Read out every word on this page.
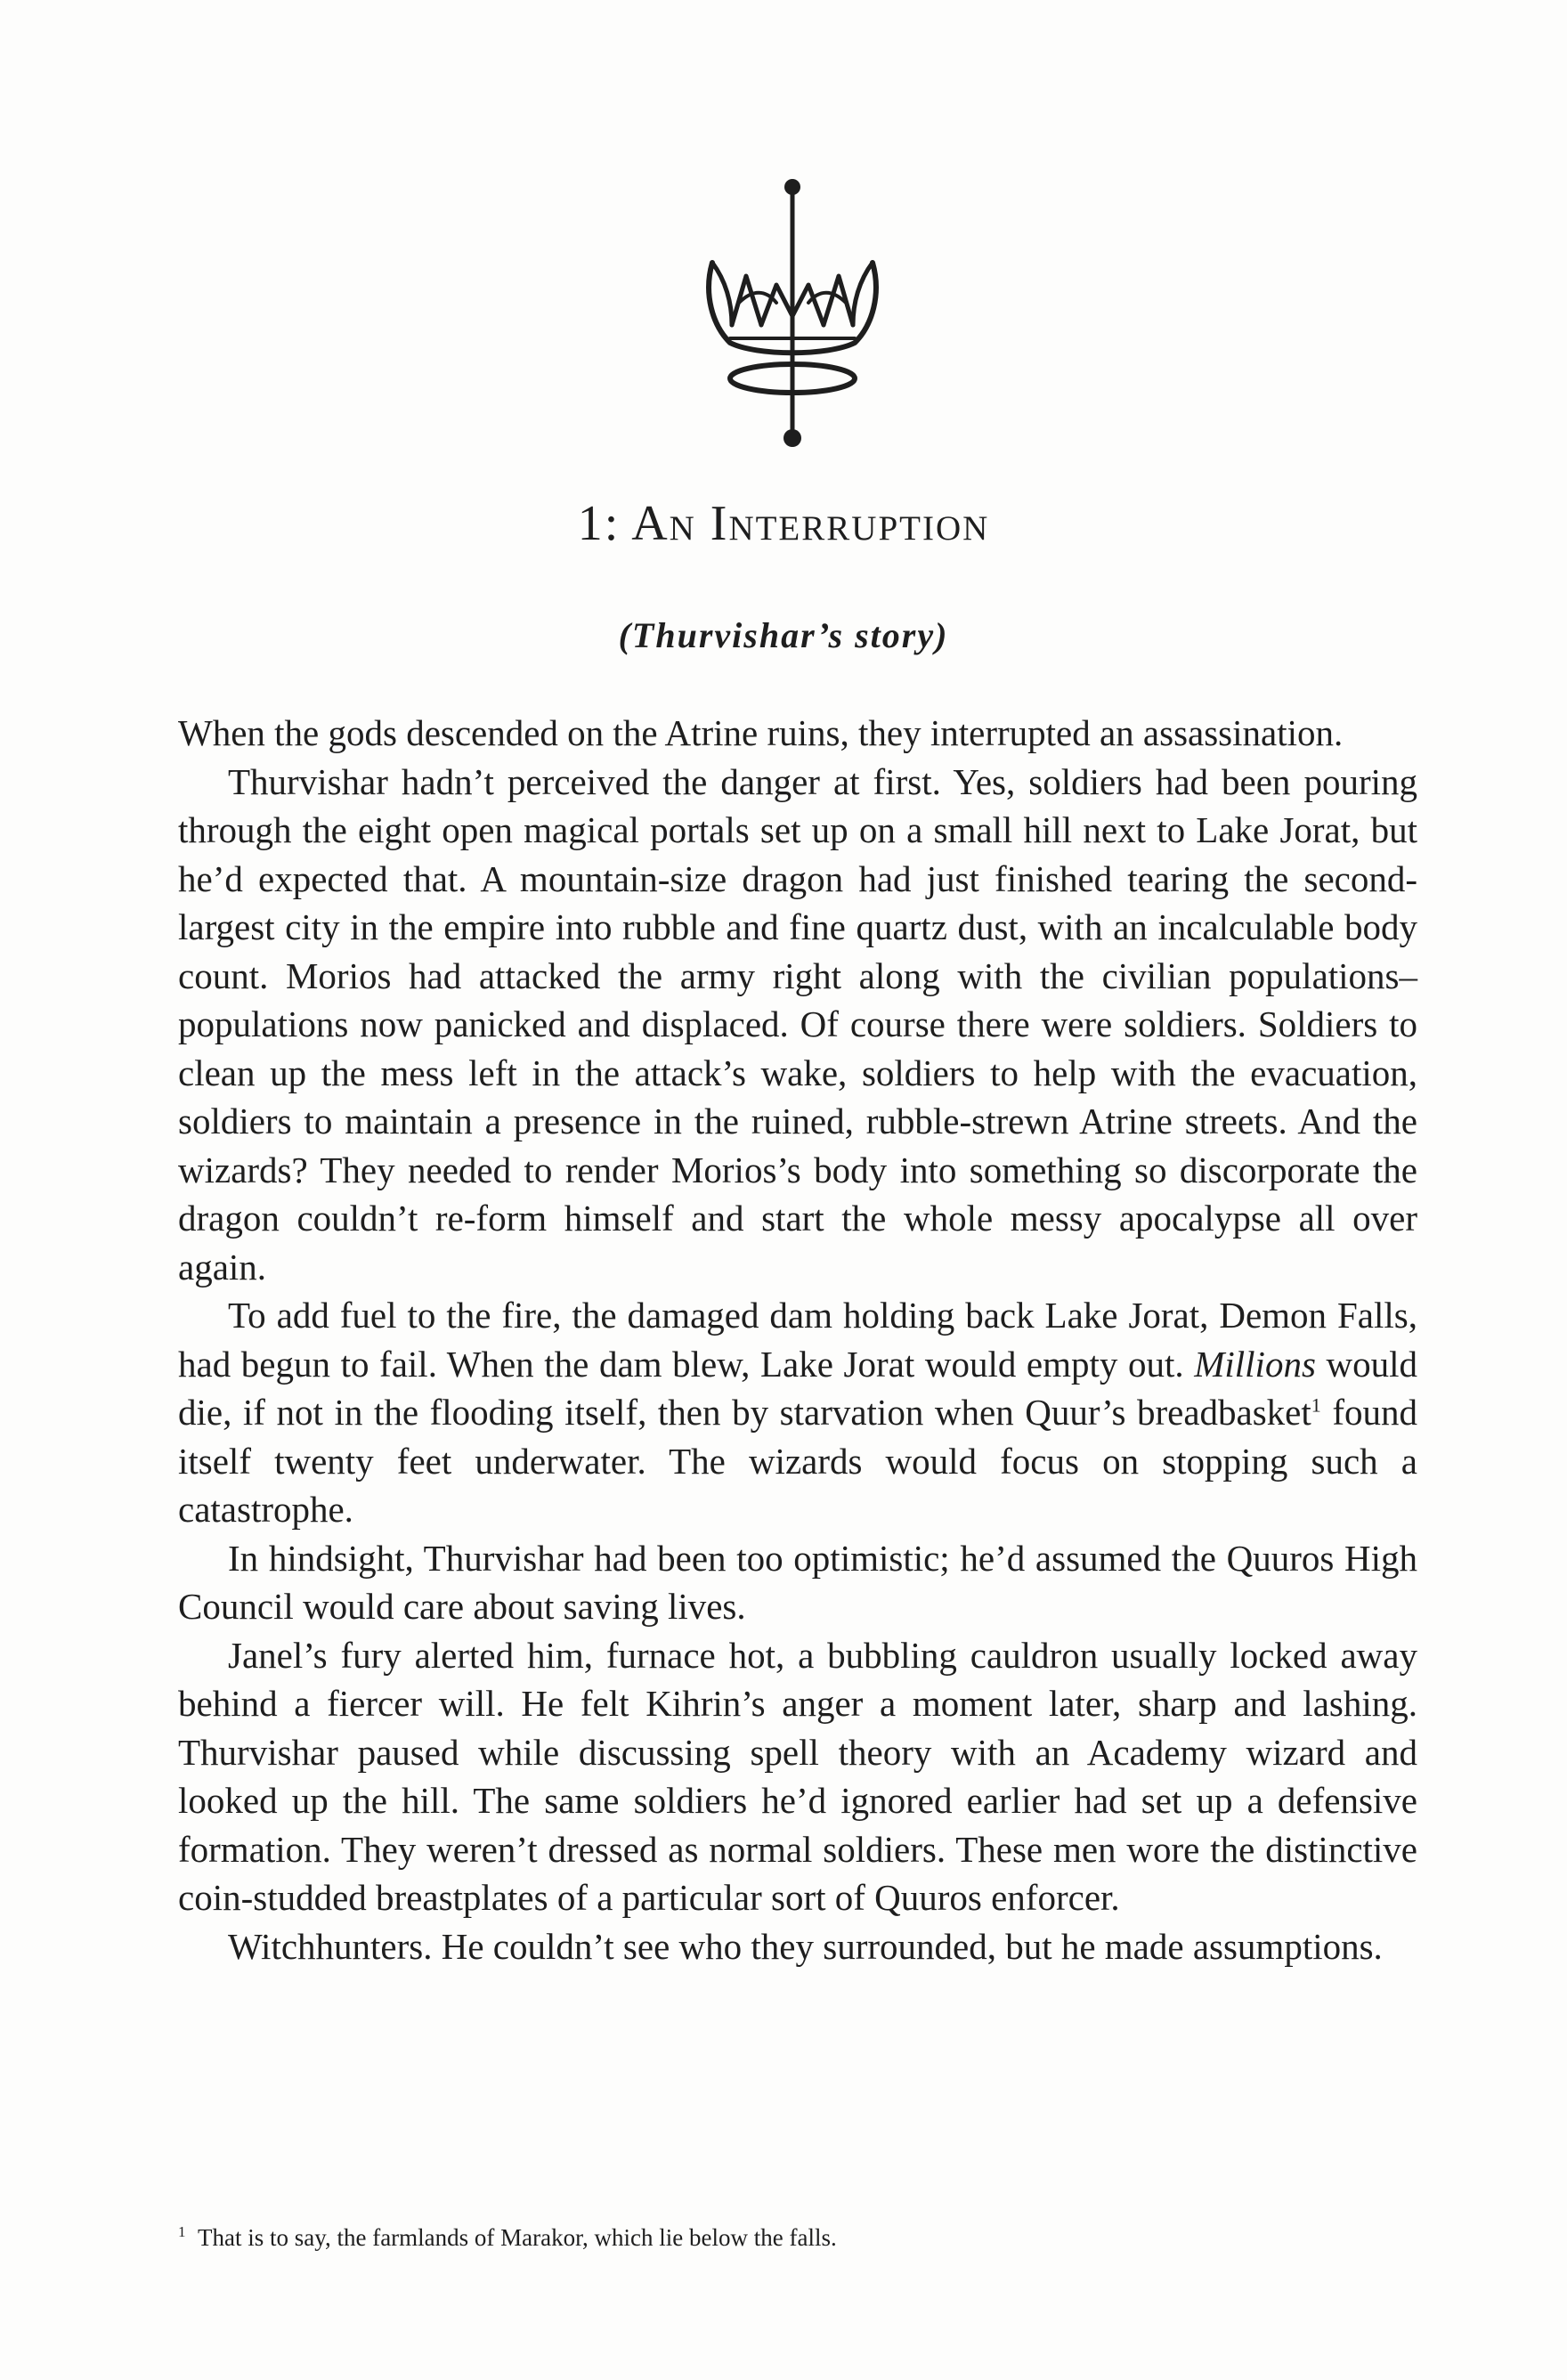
1: An Interruption
(Thurvishar’s story)

When the gods descended on the Atrine ruins, they interrupted an assassination.

Thurvishar hadn’t perceived the danger at first. Yes, soldiers had been pouring through the eight open magical portals set up on a small hill next to Lake Jorat, but he’d expected that. A mountain-size dragon had just finished tearing the second-largest city in the empire into rubble and fine quartz dust, with an incalculable body count. Morios had attacked the army right along with the civilian populations–populations now panicked and displaced. Of course there were soldiers. Soldiers to clean up the mess left in the attack’s wake, soldiers to help with the evacuation, soldiers to maintain a presence in the ruined, rubble-strewn Atrine streets. And the wizards? They needed to render Morios’s body into something so discorporate the dragon couldn’t re-form himself and start the whole messy apocalypse all over again.

To add fuel to the fire, the damaged dam holding back Lake Jorat, Demon Falls, had begun to fail. When the dam blew, Lake Jorat would empty out. Millions would die, if not in the flooding itself, then by starvation when Quur’s breadbasket$^1$ found itself twenty feet underwater. The wizards would focus on stopping such a catastrophe.

In hindsight, Thurvishar had been too optimistic; he’d assumed the Quuros High Council would care about saving lives.

Janel’s fury alerted him, furnace hot, a bubbling cauldron usually locked away behind a fiercer will. He felt Kihrin’s anger a moment later, sharp and lashing. Thurvishar paused while discussing spell theory with an Academy wizard and looked up the hill. The same soldiers he’d ignored earlier had set up a defensive formation. They weren’t dressed as normal soldiers. These men wore the distinctive coin-studded breastplates of a particular sort of Quuros enforcer.

Witchhunters. He couldn’t see who they surrounded, but he made assumptions.

$^1$ That is to say, the farmlands of Marakor, which lie below the falls.
